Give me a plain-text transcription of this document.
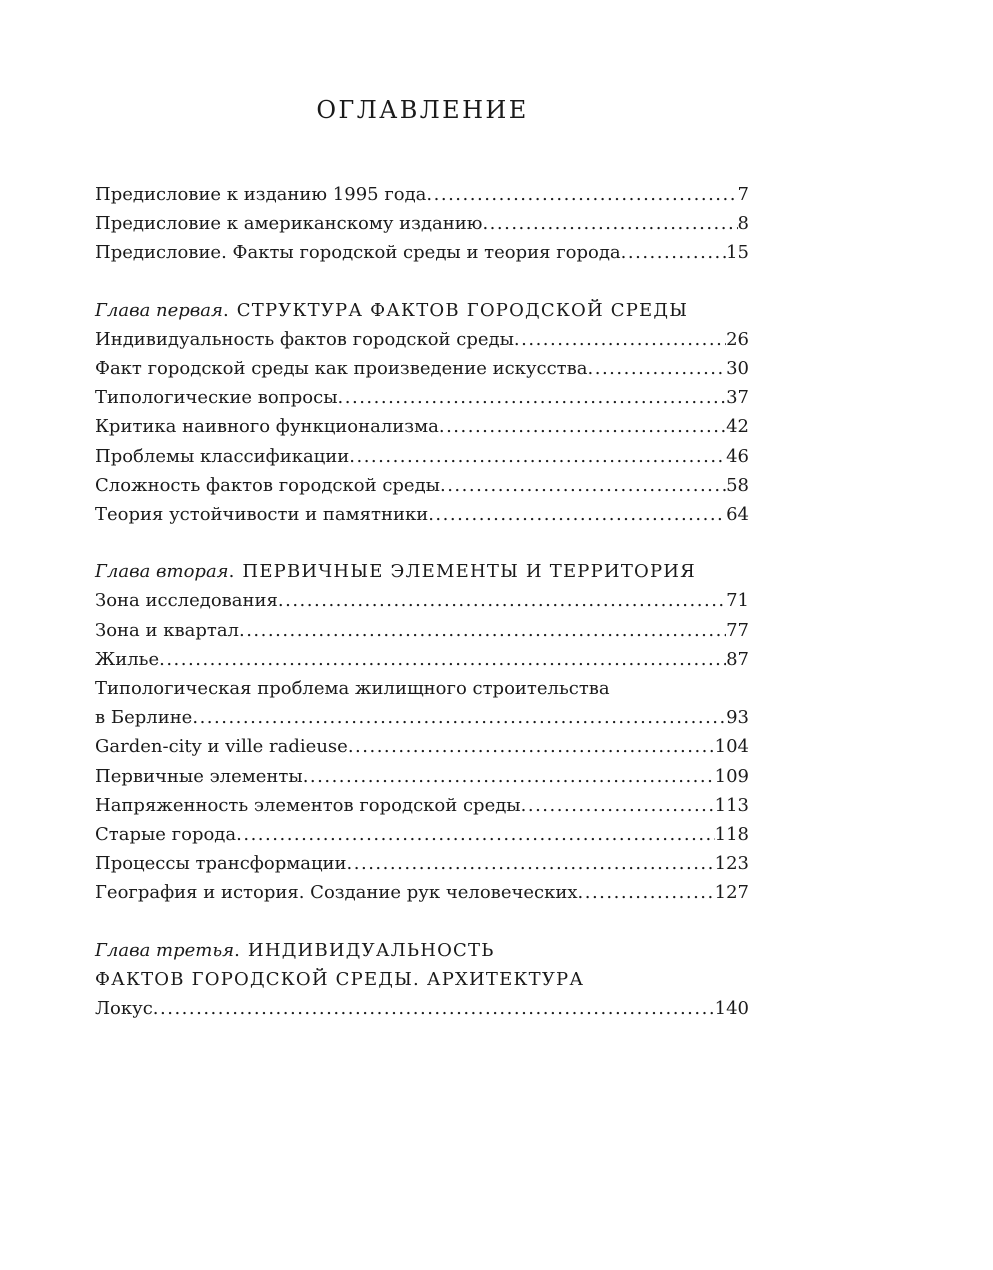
ОГЛАВЛЕНИЕ
Предисловие к изданию 1995 года .....	7
Предисловие к американскому изданию .....	8
Предисловие. Факты городской среды и теория города .....	15
Глава первая. СТРУКТУРА ФАКТОВ ГОРОДСКОЙ СРЕДЫ
Индивидуальность фактов городской среды .....	26
Факт городской среды как произведение искусства .....	30
Типологические вопросы .....	37
Критика наивного функционализма .....	42
Проблемы классификации .....	46
Сложность фактов городской среды .....	58
Теория устойчивости и памятники .....	64
Глава вторая. ПЕРВИЧНЫЕ ЭЛЕМЕНТЫ И ТЕРРИТОРИЯ
Зона исследования .....	71
Зона и квартал .....	77
Жилье .....	87
Типологическая проблема жилищного строительства
в Берлине .....	93
Garden-city и ville radieuse .....	104
Первичные элементы .....	109
Напряженность элементов городской среды .....	113
Старые города .....	118
Процессы трансформации .....	123
География и история. Создание рук человеческих .....	127
Глава третья. ИНДИВИДУАЛЬНОСТЬ
ФАКТОВ ГОРОДСКОЙ СРЕДЫ. АРХИТЕКТУРА
Локус .....	140
